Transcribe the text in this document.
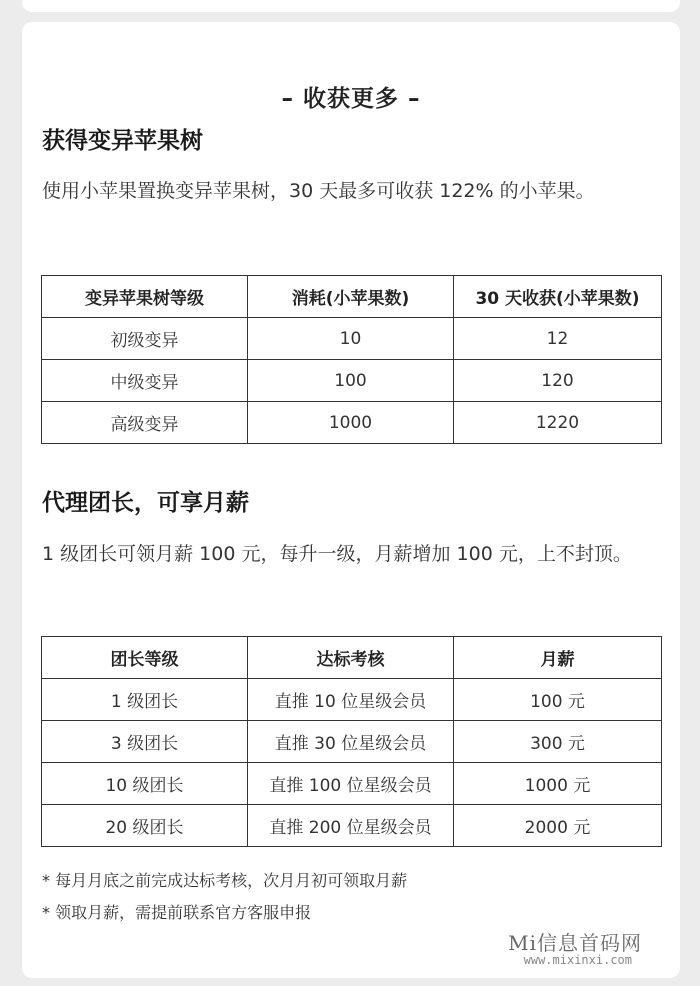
– 收获更多 –
获得变异苹果树
使用小苹果置换变异苹果树，30 天最多可收获 122% 的小苹果。
变异苹果树等级	消耗(小苹果数)	30 天收获(小苹果数)
初级变异	10	12
中级变异	100	120
高级变异	1000	1220
代理团长，可享月薪
1 级团长可领月薪 100 元，每升一级，月薪增加 100 元，上不封顶。
团长等级	达标考核	月薪
1 级团长	直推 10 位星级会员	100 元
3 级团长	直推 30 位星级会员	300 元
10 级团长	直推 100 位星级会员	1000 元
20 级团长	直推 200 位星级会员	2000 元
* 每月月底之前完成达标考核，次月月初可领取月薪
* 领取月薪，需提前联系官方客服申报
Mi信息首码网
www.mixinxi.com
